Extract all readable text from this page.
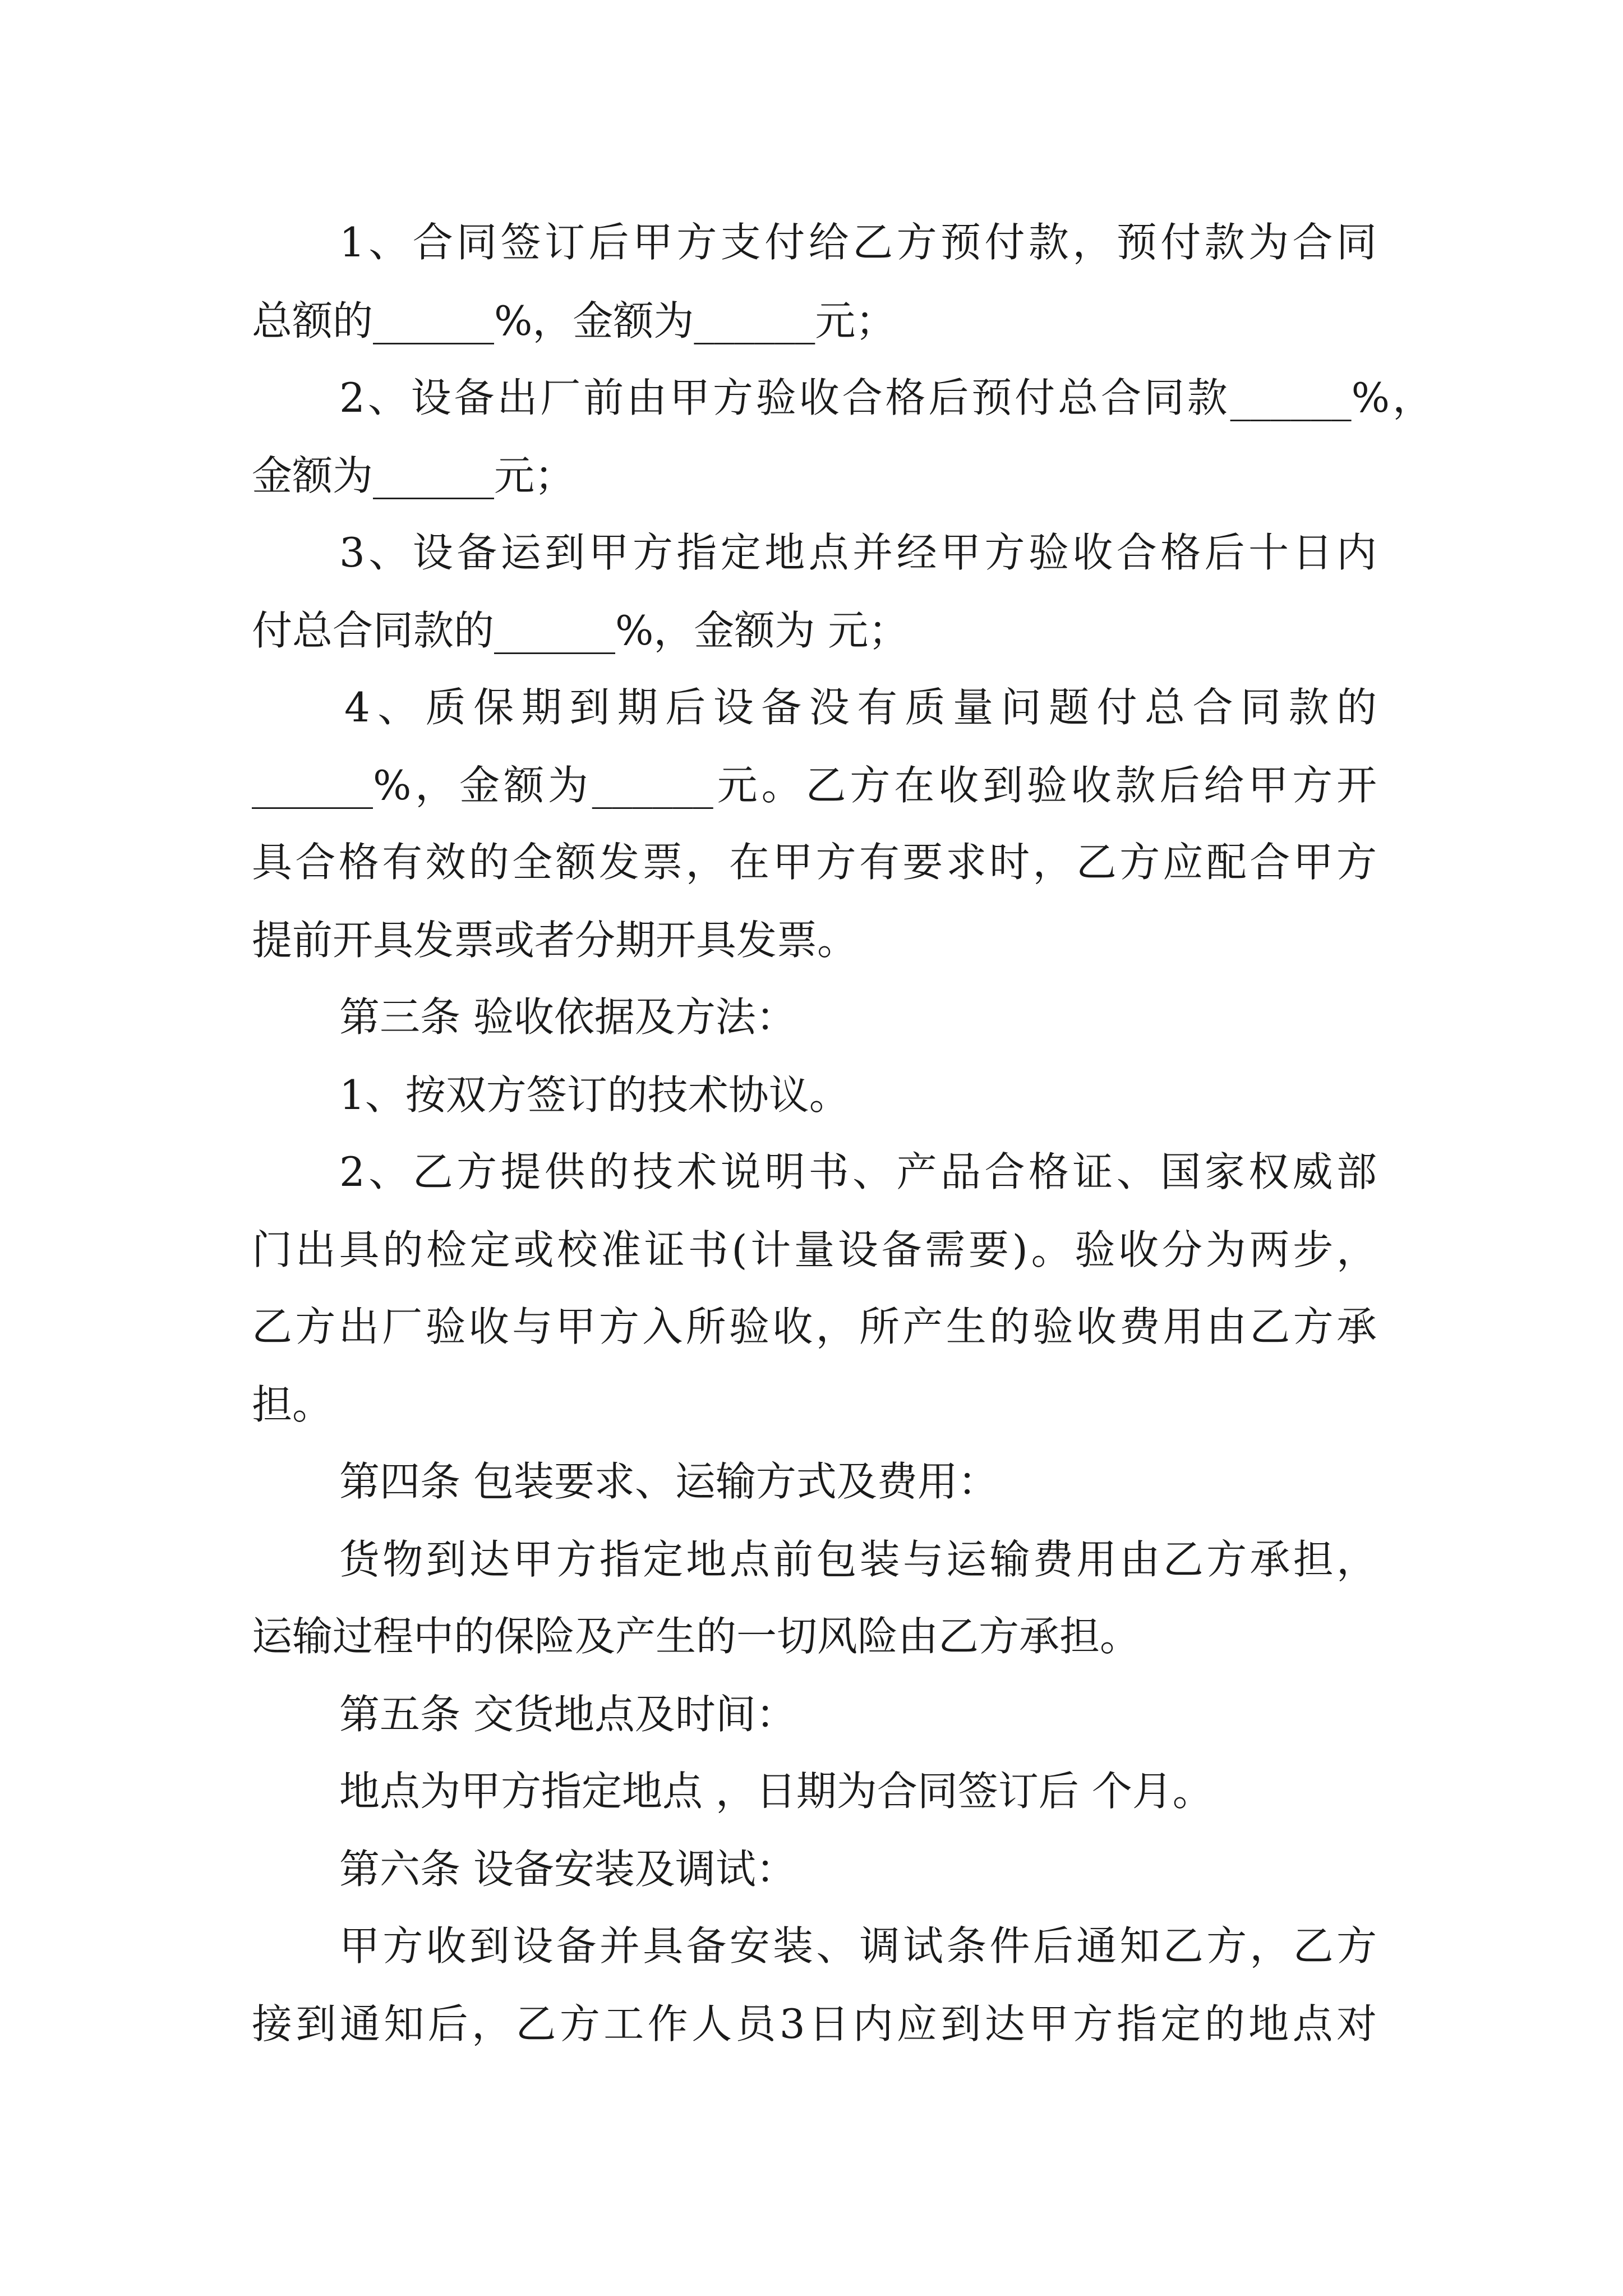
1、合同签订后甲方支付给乙方预付款，预付款为合同

总额的______%，金额为______元；

2、设备出厂前由甲方验收合格后预付总合同款______%，

金额为______元；

3、设备运到甲方指定地点并经甲方验收合格后十日内

付总合同款的______%，金额为 元；

4、质保期到期后设备没有质量问题付总合同款的

______%，金额为______元。乙方在收到验收款后给甲方开

具合格有效的全额发票，在甲方有要求时，乙方应配合甲方

提前开具发票或者分期开具发票。

第三条 验收依据及方法：

1、按双方签订的技术协议。

2、乙方提供的技术说明书、产品合格证、国家权威部

门出具的检定或校准证书(计量设备需要)。验收分为两步，

乙方出厂验收与甲方入所验收，所产生的验收费用由乙方承

担。

第四条 包装要求、运输方式及费用：

货物到达甲方指定地点前包装与运输费用由乙方承担，

运输过程中的保险及产生的一切风险由乙方承担。

第五条 交货地点及时间：

地点为甲方指定地点 ，日期为合同签订后 个月。

第六条 设备安装及调试：

甲方收到设备并具备安装、调试条件后通知乙方，乙方

接到通知后，乙方工作人员3日内应到达甲方指定的地点对
